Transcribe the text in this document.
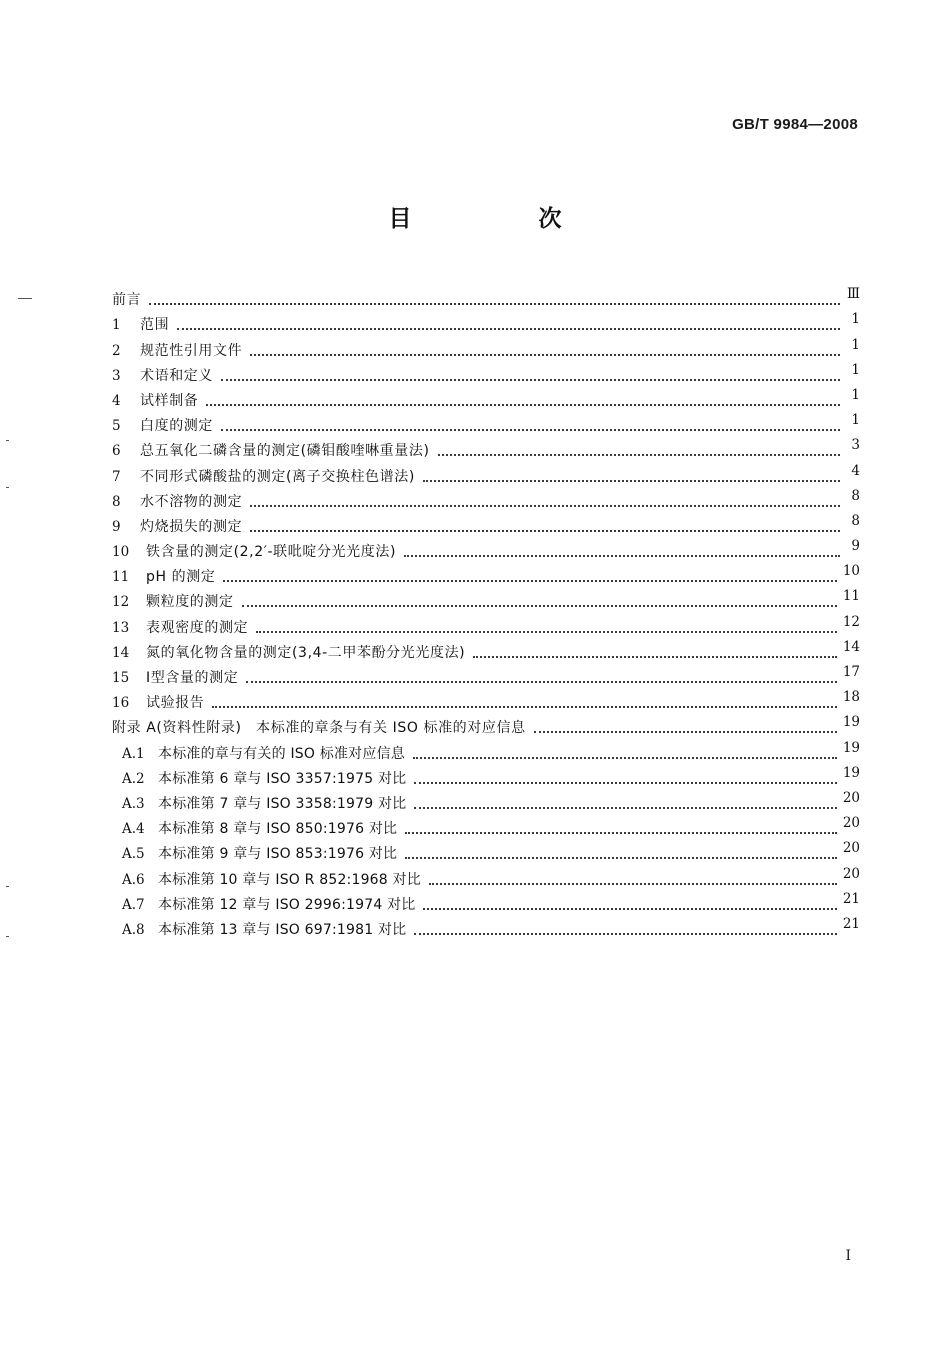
GB/T 9984—2008
目　次
前言	Ⅲ
1	范围	1
2	规范性引用文件	1
3	术语和定义	1
4	试样制备	1
5	白度的测定	1
6	总五氧化二磷含量的测定(磷钼酸喹啉重量法)	3
7	不同形式磷酸盐的测定(离子交换柱色谱法)	4
8	水不溶物的测定	8
9	灼烧损失的测定	8
10	铁含量的测定(2,2′-联吡啶分光光度法)	9
11	pH 的测定	10
12	颗粒度的测定	11
13	表观密度的测定	12
14	氮的氧化物含量的测定(3,4-二甲苯酚分光光度法)	14
15	Ⅰ型含量的测定	17
16	试验报告	18
附录 A(资料性附录)　本标准的章条与有关 ISO 标准的对应信息	19
A.1 本标准的章与有关的 ISO 标准对应信息	19
A.2 本标准第 6 章与 ISO 3357:1975 对比	19
A.3 本标准第 7 章与 ISO 3358:1979 对比	20
A.4 本标准第 8 章与 ISO 850:1976 对比	20
A.5 本标准第 9 章与 ISO 853:1976 对比	20
A.6 本标准第 10 章与 ISO R 852:1968 对比	20
A.7 本标准第 12 章与 ISO 2996:1974 对比	21
A.8 本标准第 13 章与 ISO 697:1981 对比	21
I
